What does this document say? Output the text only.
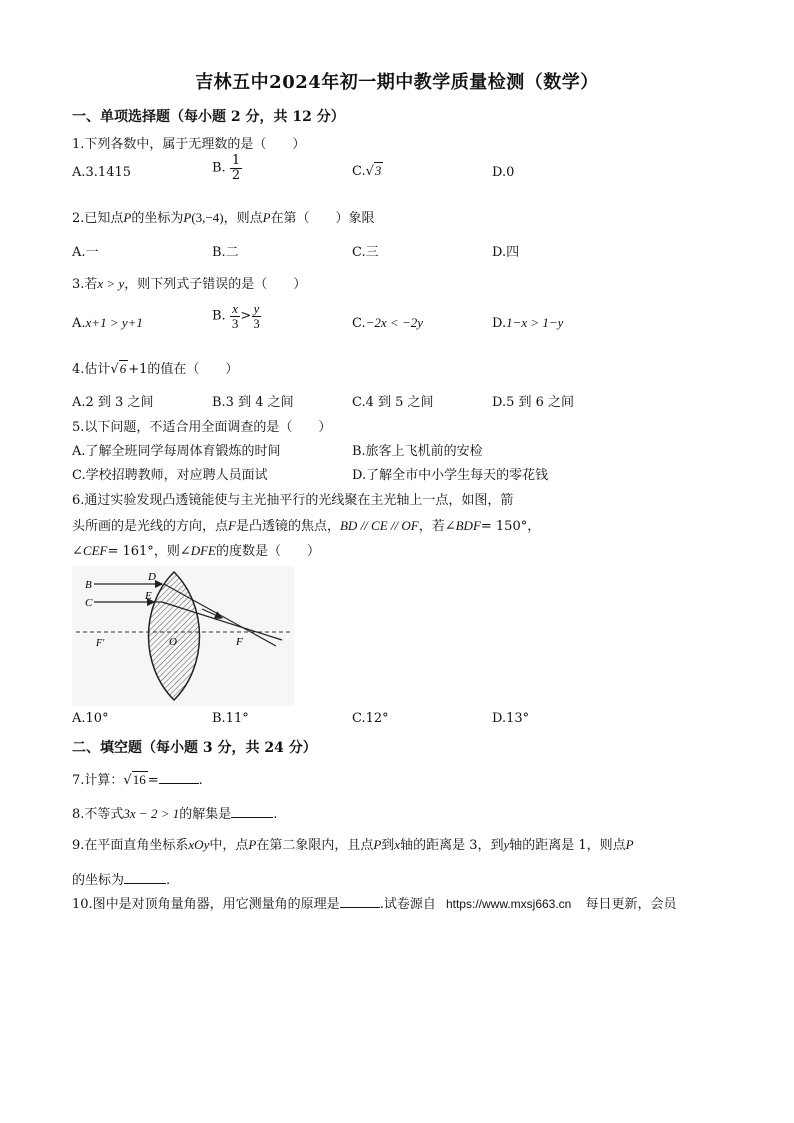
吉林五中2024年初一期中教学质量检测（数学）
一、单项选择题（每小题 2 分，共 12 分）
1.下列各数中，属于无理数的是（　　）
A.3.1415	B. $\frac{1}{2}$	C.√3	D.0
2.已知点P的坐标为P(3,−4)，则点P在第（　　）象限
A.一	B.二	C.三	D.四
3.若x > y，则下列式子错误的是（　　）
A.x+1 > y+1	B. $\frac{x}{3} > \frac{y}{3}$	C.−2x < −2y	D.1−x > 1−y
4.估计√6 +1的值在（　　）
A.2 到 3 之间	B.3 到 4 之间	C.4 到 5 之间	D.5 到 6 之间
5.以下问题，不适合用全面调查的是（　　）
A.了解全班同学每周体育锻炼的时间	B.旅客上飞机前的安检
C.学校招聘教师，对应聘人员面试	D.了解全市中小学生每天的零花钱
6.通过实验发现凸透镜能使与主光抽平行的光线聚在主光轴上一点，如图，箭
头所画的是光线的方向，点F是凸透镜的焦点，BD // CE // OF，若∠BDF= 150°，
∠CEF= 161°，则∠DFE的度数是（　　）
B
C
D
E
O	F
F'
A.10°	B.11°	C.12°	D.13°
二、填空题（每小题 3 分，共 24 分）
7.计算：√16 =	.
8.不等式3x − 2 > 1的解集是	.
9.在平面直角坐标系xOy中，点P在第二象限内，且点P到x轴的距离是 3，到y轴的距离是 1，则点P
的坐标为	.
10.图中是对顶角量角器，用它测量角的原理是	.试卷源自 https://www.mxsj663.cn 每日更新，会员
